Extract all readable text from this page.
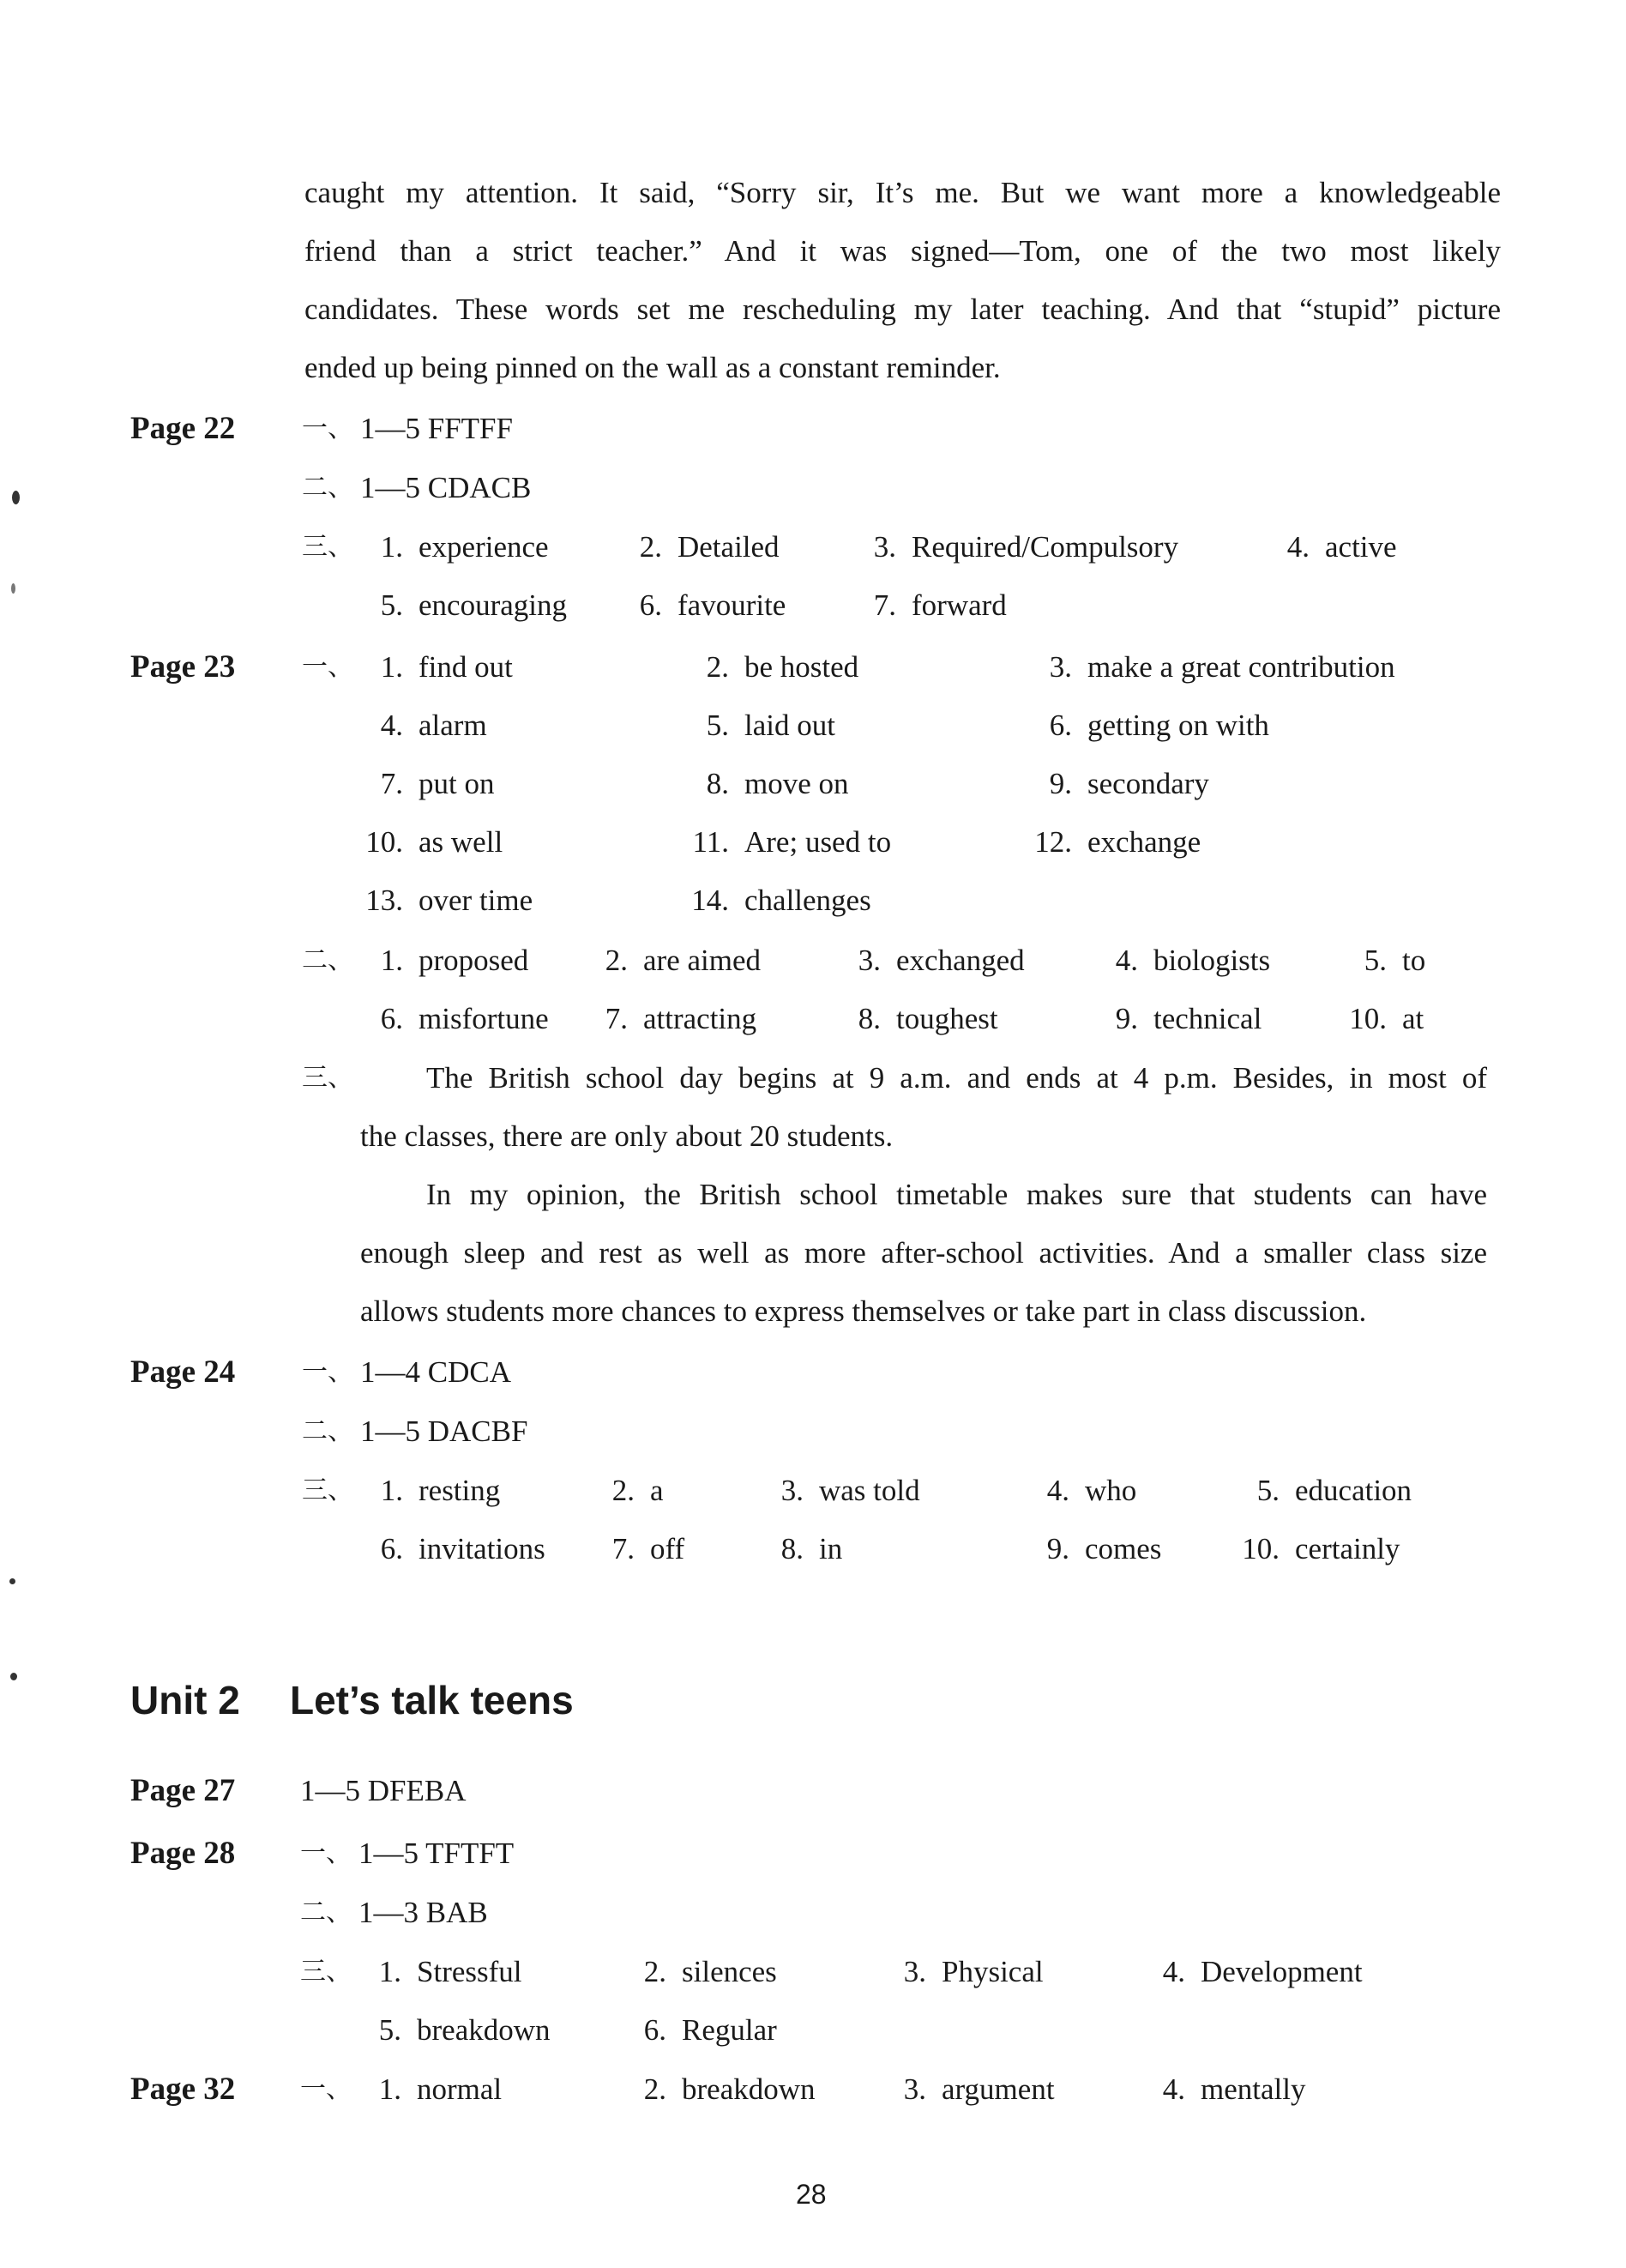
caught my attention. It said, “Sorry sir, It’s me. But we want more a knowledgeable
friend than a strict teacher.” And it was signed—Tom, one of the two most likely
candidates. These words set me rescheduling my later teaching. And that “stupid” picture
ended up being pinned on the wall as a constant reminder.
Page 22	一、 1—5 FFTFF
二、 1—5 CDACB
三、 1. experience	2. Detailed	3. Required/Compulsory	4. active
5. encouraging 6. favourite	7. forward
Page 23	一、 1. find out	2. be hosted	3. make a great contribution
4. alarm	5. laid out	6. getting on with
7. put on	8. move on	9. secondary
10. as well	11. Are; used to	12. exchange
13. over time	14. challenges
二、 1. proposed	2. are aimed	3. exchanged	4. biologists	5. to
6. misfortune 7. attracting	8. toughest	9. technical	10. at
三、 The British school day begins at 9 a.m. and ends at 4 p.m. Besides, in most of
the classes, there are only about 20 students.
In my opinion, the British school timetable makes sure that students can have
enough sleep and rest as well as more after-school activities. And a smaller class size
allows students more chances to express themselves or take part in class discussion.
Page 24	一、 1—4 CDCA
二、 1—5 DACBF
三、 1. resting	2. a	3. was told	4. who	5. education
6. invitations 7. off	8. in	9. comes	10. certainly
Unit 2 Let’s talk teens
Page 27 1—5 DFEBA
Page 28	一、 1—5 TFTFT
二、 1—3 BAB
三、 1. Stressful	2. silences	3. Physical	4. Development
5. breakdown	6. Regular
Page 32	一、 1. normal	2. breakdown	3. argument	4. mentally
28
